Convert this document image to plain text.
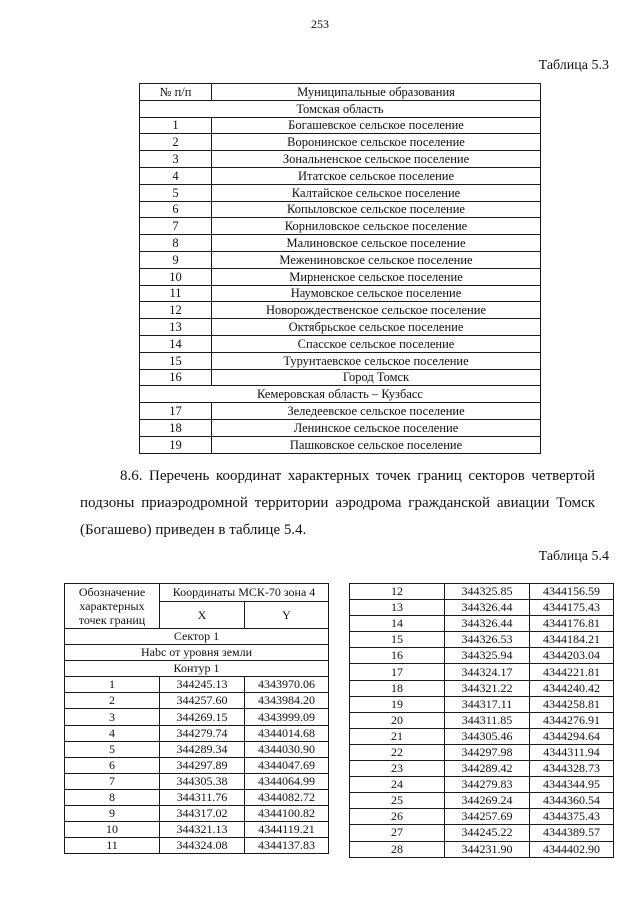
253
Таблица 5.3
№ п/п	Муниципальные образования
Томская область	
1	Богашевское сельское поселение
2	Воронинское сельское поселение
3	Зональненское сельское поселение
4	Итатское сельское поселение
5	Калтайское сельское поселение
6	Копыловское сельское поселение
7	Корниловское сельское поселение
8	Малиновское сельское поселение
9	Межениновское сельское поселение
10	Мирненское сельское поселение
11	Наумовское сельское поселение
12	Новорождественское сельское поселение
13	Октябрьское сельское поселение
14	Спасское сельское поселение
15	Турунтаевское сельское поселение
16	Город Томск
Кемеровская область – Кузбасс	
17	Зеледеевское сельское поселение
18	Ленинское сельское поселение
19	Пашковское сельское поселение
8.6. Перечень координат характерных точек границ секторов четвертой
подзоны приаэродромной территории аэродрома гражданской авиации Томск
(Богашево) приведен в таблице 5.4.
Таблица 5.4
Обозначение характерных точек границ	Координаты МСК-70 зона 4	
	X	Y
Сектор 1		
Нabc от уровня земли		
Контур 1		
1	344245.13	4343970.06
2	344257.60	4343984.20
3	344269.15	4343999.09
4	344279.74	4344014.68
5	344289.34	4344030.90
6	344297.89	4344047.69
7	344305.38	4344064.99
8	344311.76	4344082.72
9	344317.02	4344100.82
10	344321.13	4344119.21
11	344324.08	4344137.83
12	344325.85	4344156.59
13	344326.44	4344175.43
14	344326.44	4344176.81
15	344326.53	4344184.21
16	344325.94	4344203.04
17	344324.17	4344221.81
18	344321.22	4344240.42
19	344317.11	4344258.81
20	344311.85	4344276.91
21	344305.46	4344294.64
22	344297.98	4344311.94
23	344289.42	4344328.73
24	344279.83	4344344.95
25	344269.24	4344360.54
26	344257.69	4344375.43
27	344245.22	4344389.57
28	344231.90	4344402.90
